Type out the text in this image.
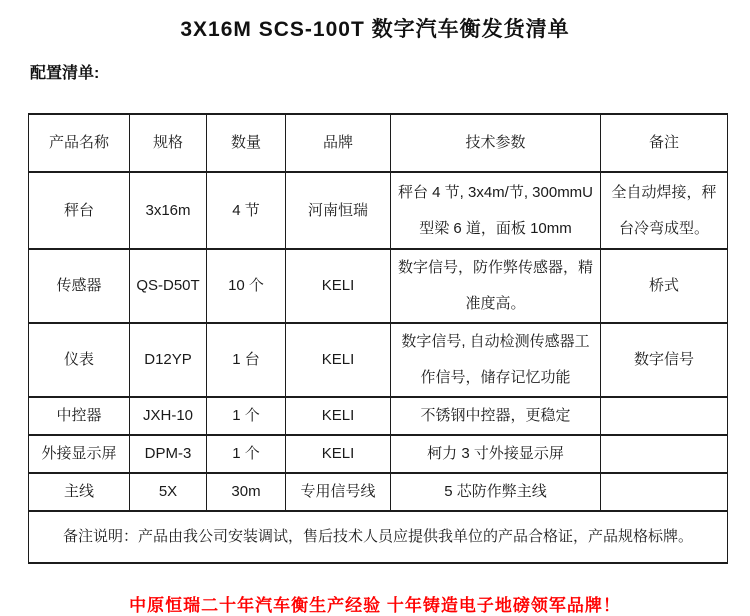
3X16M SCS-100T 数字汽车衡发货清单
配置清单:
产品名称	规格	数量	品牌	技术参数	备注
秤台	3x16m	4 节	河南恒瑞	秤台 4 节, 3x4m/节, 300mmU 型梁 6 道，面板 10mm	全自动焊接，秤台冷弯成型。
传感器	QS-D50T	10 个	KELI	数字信号，防作弊传感器，精准度高。	桥式
仪表	D12YP	1 台	KELI	数字信号, 自动检测传感器工作信号，储存记忆功能	数字信号
中控器	JXH-10	1 个	KELI	不锈钢中控器，更稳定	
外接显示屏	DPM-3	1 个	KELI	柯力 3 寸外接显示屏	
主线	5X	30m	专用信号线	5 芯防作弊主线	
备注说明：产品由我公司安装调试，售后技术人员应提供我单位的产品合格证，产品规格标牌。					
中原恒瑞二十年汽车衡生产经验 十年铸造电子地磅领军品牌！
